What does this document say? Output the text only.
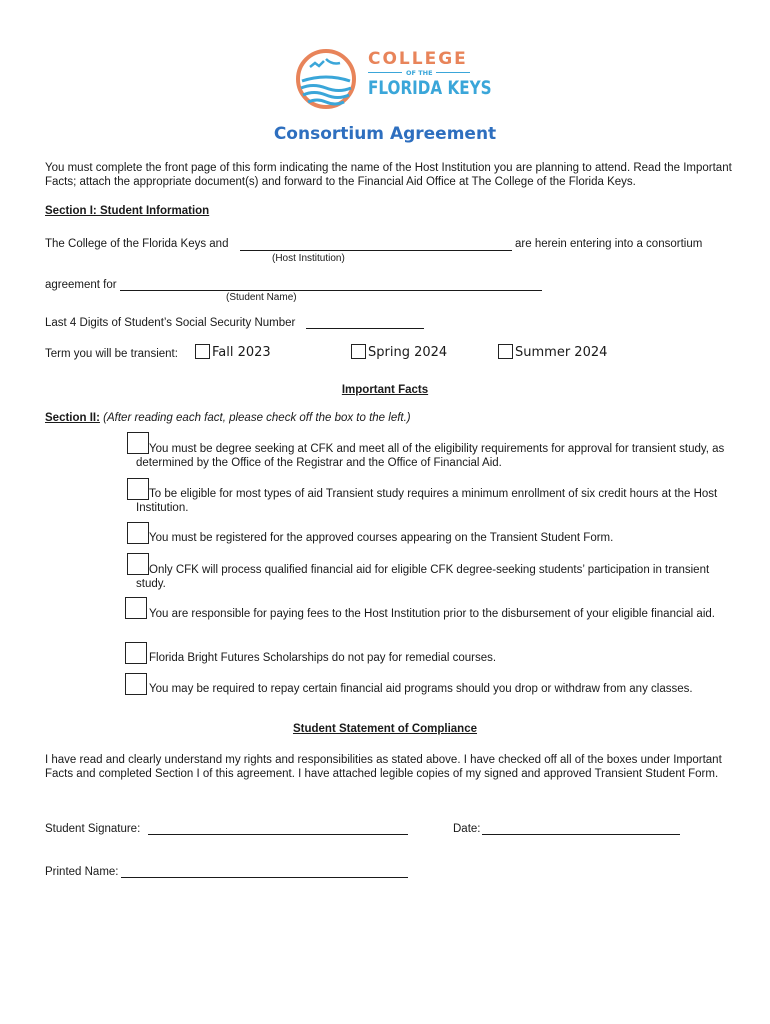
COLLEGE
OF THE
FLORIDA KEYS
Consortium Agreement
You must complete the front page of this form indicating the name of the Host Institution you are planning to attend. Read the Important Facts; attach the appropriate document(s) and forward to the Financial Aid Office at The College of the Florida Keys.
Section I: Student Information
The College of the Florida Keys and	are herein entering into a consortium
(Host Institution)
agreement for
(Student Name)
Last 4 Digits of Student’s Social Security Number
Term you will be transient:	Fall 2023	Spring 2024	Summer 2024
Important Facts
Section II: (After reading each fact, please check off the box to the left.)
You must be degree seeking at CFK and meet all of the eligibility requirements for approval for transient study, as determined by the Office of the Registrar and the Office of Financial Aid.
To be eligible for most types of aid Transient study requires a minimum enrollment of six credit hours at the Host Institution.
You must be registered for the approved courses appearing on the Transient Student Form.
Only CFK will process qualified financial aid for eligible CFK degree-seeking students’ participation in transient study.
You are responsible for paying fees to the Host Institution prior to the disbursement of your eligible financial aid.
Florida Bright Futures Scholarships do not pay for remedial courses.
You may be required to repay certain financial aid programs should you drop or withdraw from any classes.
Student Statement of Compliance
I have read and clearly understand my rights and responsibilities as stated above. I have checked off all of the boxes under Important Facts and completed Section I of this agreement. I have attached legible copies of my signed and approved Transient Student Form.
Student Signature:	Date:
Printed Name:
